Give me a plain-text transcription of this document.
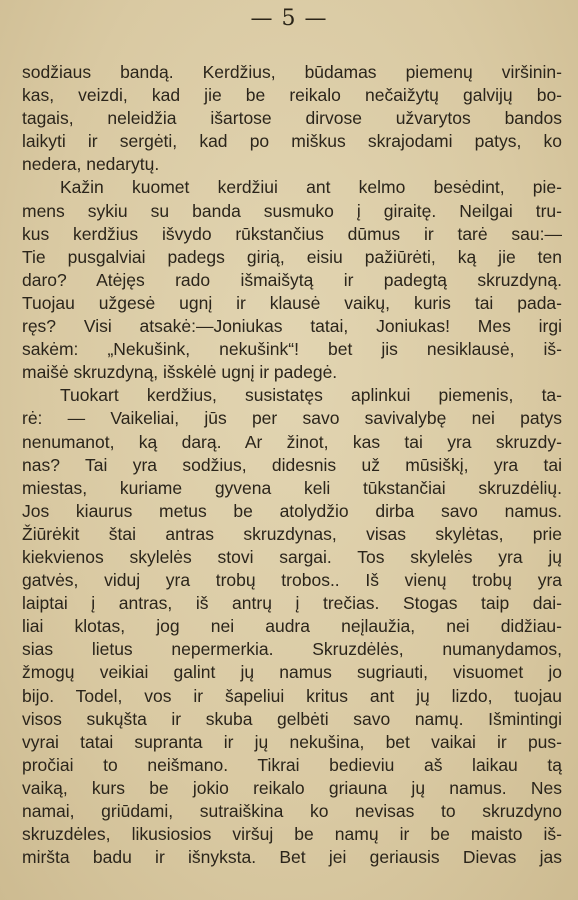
— 5 —
sodžiaus bandą. Kerdžius, būdamas piemenų viršinin-
kas, veizdi, kad jie be reikalo nečaižytų galvijų bo-
tagais, neleidžia išartose dirvose užvarytos bandos
laikyti ir sergėti, kad po miškus skrajodami patys, ko
nedera, nedarytų.
Kažin kuomet kerdžiui ant kelmo besėdint, pie-
mens sykiu su banda susmuko į giraitę. Neilgai tru-
kus kerdžius išvydo rūkstančius dūmus ir tarė sau:—
Tie pusgalviai padegs girią, eisiu pažiūrėti, ką jie ten
daro? Atėjęs rado išmaišytą ir padegtą skruzdyną.
Tuojau užgesė ugnį ir klausė vaikų, kuris tai pada-
ręs? Visi atsakė:—Joniukas tatai, Joniukas! Mes irgi
sakėm: „Nekušink, nekušink“! bet jis nesiklausė, iš-
maišė skruzdyną, išskėlė ugnį ir padegė.
Tuokart kerdžius, susistatęs aplinkui piemenis, ta-
rė: — Vaikeliai, jūs per savo savivalybę nei patys
nenumanot, ką darą. Ar žinot, kas tai yra skruzdy-
nas? Tai yra sodžius, didesnis už mūsiškį, yra tai
miestas, kuriame gyvena keli tūkstančiai skruzdėlių.
Jos kiaurus metus be atolydžio dirba savo namus.
Žiūrėkit štai antras skruzdynas, visas skylėtas, prie
kiekvienos skylelės stovi sargai. Tos skylelės yra jų
gatvės, viduj yra trobų trobos.. Iš vienų trobų yra
laiptai į antras, iš antrų į trečias. Stogas taip dai-
liai klotas, jog nei audra neįlaužia, nei didžiau-
sias lietus nepermerkia. Skruzdėlės, numanydamos,
žmogų veikiai galint jų namus sugriauti, visuomet jo
bijo. Todel, vos ir šapeliui kritus ant jų lizdo, tuojau
visos sukųšta ir skuba gelbėti savo namų. Išmintingi
vyrai tatai supranta ir jų nekušina, bet vaikai ir pus-
pročiai to neišmano. Tikrai bedieviu aš laikau tą
vaiką, kurs be jokio reikalo griauna jų namus. Nes
namai, griūdami, sutraiškina ko nevisas to skruzdyno
skruzdėles, likusiosios viršuj be namų ir be maisto iš-
miršta badu ir išnyksta. Bet jei geriausis Dievas jas
